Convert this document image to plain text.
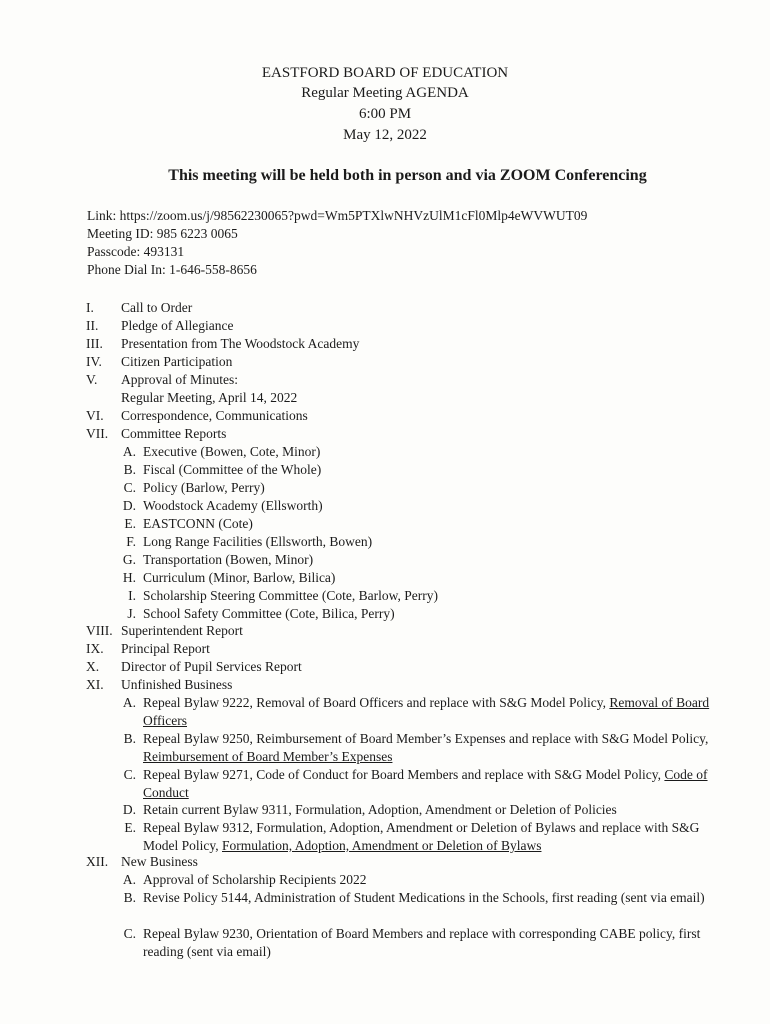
EASTFORD BOARD OF EDUCATION
Regular Meeting AGENDA
6:00 PM
May 12, 2022
This meeting will be held both in person and via ZOOM Conferencing
Link: https://zoom.us/j/98562230065?pwd=Wm5PTXlwNHVzUlM1cFl0Mlp4eWVWUT09
Meeting ID: 985 6223 0065
Passcode: 493131
Phone Dial In: 1-646-558-8656
I. Call to Order
II. Pledge of Allegiance
III. Presentation from The Woodstock Academy
IV. Citizen Participation
V. Approval of Minutes:
Regular Meeting, April 14, 2022
VI. Correspondence, Communications
VII. Committee Reports
A. Executive (Bowen, Cote, Minor)
B. Fiscal (Committee of the Whole)
C. Policy (Barlow, Perry)
D. Woodstock Academy (Ellsworth)
E. EASTCONN (Cote)
F. Long Range Facilities (Ellsworth, Bowen)
G. Transportation (Bowen, Minor)
H. Curriculum (Minor, Barlow, Bilica)
I. Scholarship Steering Committee (Cote, Barlow, Perry)
J. School Safety Committee (Cote, Bilica, Perry)
VIII. Superintendent Report
IX. Principal Report
X. Director of Pupil Services Report
XI. Unfinished Business
A. Repeal Bylaw 9222, Removal of Board Officers and replace with S&G Model Policy, Removal of Board Officers
B. Repeal Bylaw 9250, Reimbursement of Board Member’s Expenses and replace with S&G Model Policy, Reimbursement of Board Member’s Expenses
C. Repeal Bylaw 9271, Code of Conduct for Board Members and replace with S&G Model Policy, Code of Conduct
D. Retain current Bylaw 9311, Formulation, Adoption, Amendment or Deletion of Policies
E. Repeal Bylaw 9312, Formulation, Adoption, Amendment or Deletion of Bylaws and replace with S&G Model Policy, Formulation, Adoption, Amendment or Deletion of Bylaws
XII. New Business
A. Approval of Scholarship Recipients 2022
B. Revise Policy 5144, Administration of Student Medications in the Schools, first reading (sent via email)
C. Repeal Bylaw 9230, Orientation of Board Members and replace with corresponding CABE policy, first reading (sent via email)
